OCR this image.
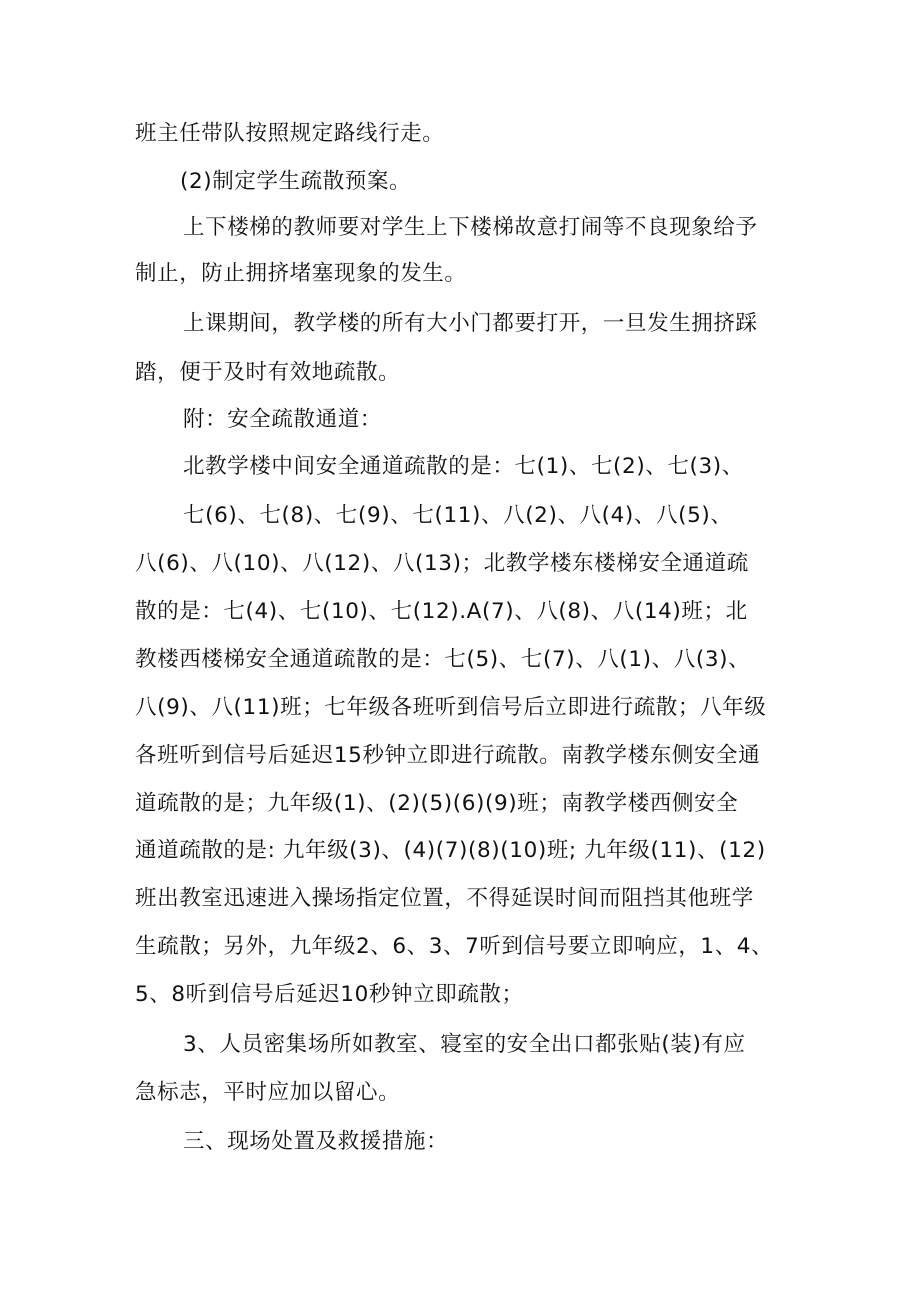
班主任带队按照规定路线行走。
(2)制定学生疏散预案。
上下楼梯的教师要对学生上下楼梯故意打闹等不良现象给予
制止，防止拥挤堵塞现象的发生。
上课期间，教学楼的所有大小门都要打开，一旦发生拥挤踩
踏，便于及时有效地疏散。
附：安全疏散通道：
北教学楼中间安全通道疏散的是：七(1)、七(2)、七(3)、
七(6)、七(8)、七(9)、七(11)、八(2)、八(4)、八(5)、
八(6)、八(10)、八(12)、八(13)；北教学楼东楼梯安全通道疏
散的是：七(4)、七(10)、七(12).A(7)、八(8)、八(14)班；北
教楼西楼梯安全通道疏散的是：七(5)、七(7)、八(1)、八(3)、
八(9)、八(11)班；七年级各班听到信号后立即进行疏散；八年级
各班听到信号后延迟15秒钟立即进行疏散。南教学楼东侧安全通
道疏散的是；九年级(1)、(2)(5)(6)(9)班；南教学楼西侧安全
通道疏散的是: 九年级(3)、(4)(7)(8)(10)班; 九年级(11)、(12)
班出教室迅速进入操场指定位置，不得延误时间而阻挡其他班学
生疏散；另外，九年级2、6、3、7听到信号要立即响应，1、4、
5、8听到信号后延迟10秒钟立即疏散；
3、人员密集场所如教室、寝室的安全出口都张贴(装)有应
急标志，平时应加以留心。
三、现场处置及救援措施：
